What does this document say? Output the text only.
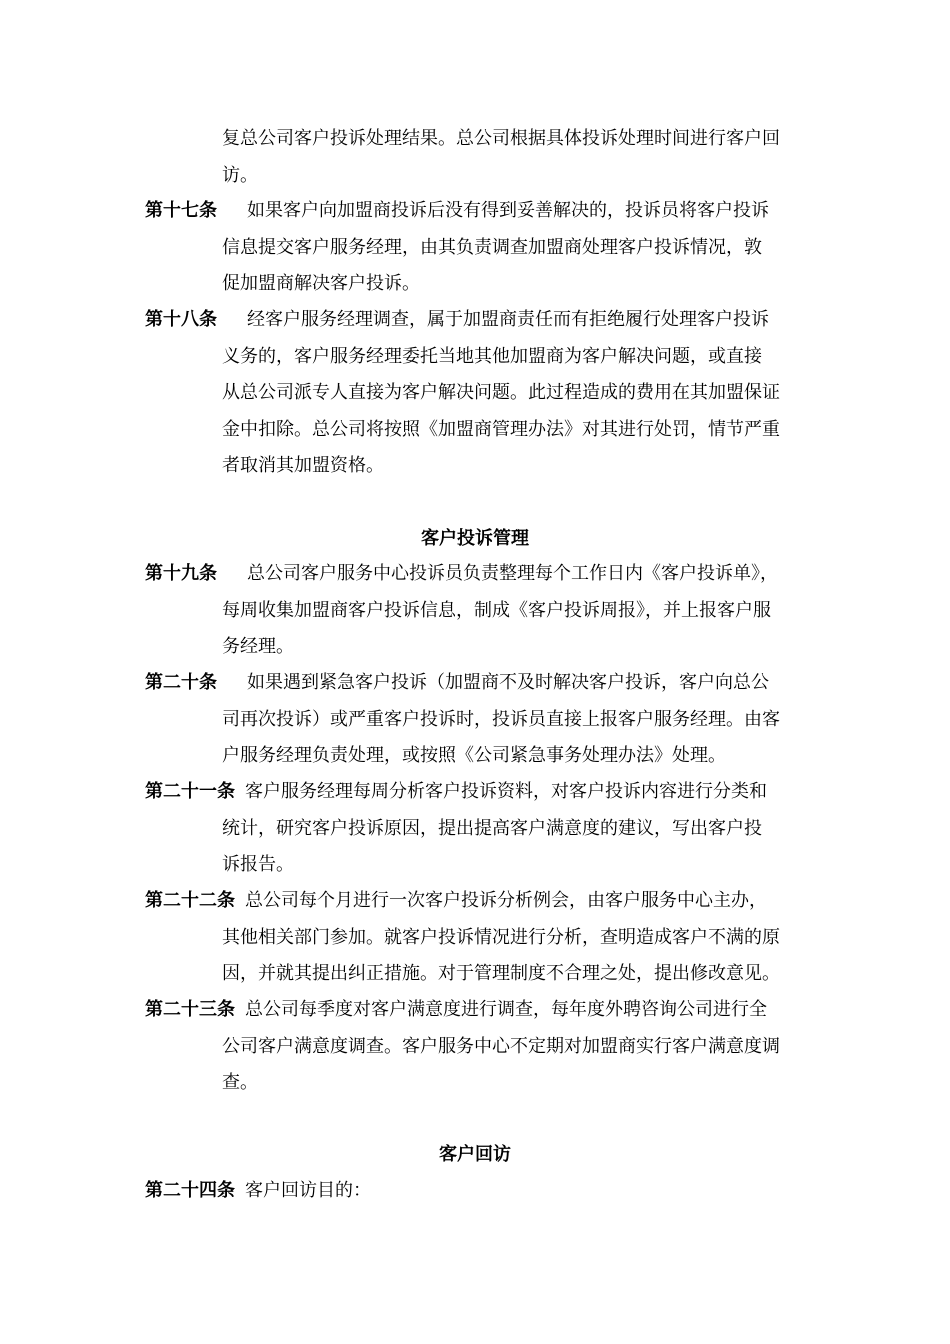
复总公司客户投诉处理结果。总公司根据具体投诉处理时间进行客户回
访。
第十七条 如果客户向加盟商投诉后没有得到妥善解决的，投诉员将客户投诉
信息提交客户服务经理，由其负责调查加盟商处理客户投诉情况，敦
促加盟商解决客户投诉。
第十八条 经客户服务经理调查，属于加盟商责任而有拒绝履行处理客户投诉
义务的，客户服务经理委托当地其他加盟商为客户解决问题，或直接
从总公司派专人直接为客户解决问题。此过程造成的费用在其加盟保证
金中扣除。总公司将按照《加盟商管理办法》对其进行处罚，情节严重
者取消其加盟资格。
客户投诉管理
第十九条 总公司客户服务中心投诉员负责整理每个工作日内《客户投诉单》，
每周收集加盟商客户投诉信息，制成《客户投诉周报》，并上报客户服
务经理。
第二十条 如果遇到紧急客户投诉（加盟商不及时解决客户投诉，客户向总公
司再次投诉）或严重客户投诉时，投诉员直接上报客户服务经理。由客
户服务经理负责处理，或按照《公司紧急事务处理办法》处理。
第二十一条 客户服务经理每周分析客户投诉资料，对客户投诉内容进行分类和
统计，研究客户投诉原因，提出提高客户满意度的建议，写出客户投
诉报告。
第二十二条 总公司每个月进行一次客户投诉分析例会，由客户服务中心主办，
其他相关部门参加。就客户投诉情况进行分析，查明造成客户不满的原
因，并就其提出纠正措施。对于管理制度不合理之处，提出修改意见。
第二十三条 总公司每季度对客户满意度进行调查，每年度外聘咨询公司进行全
公司客户满意度调查。客户服务中心不定期对加盟商实行客户满意度调
查。
客户回访
第二十四条 客户回访目的：
